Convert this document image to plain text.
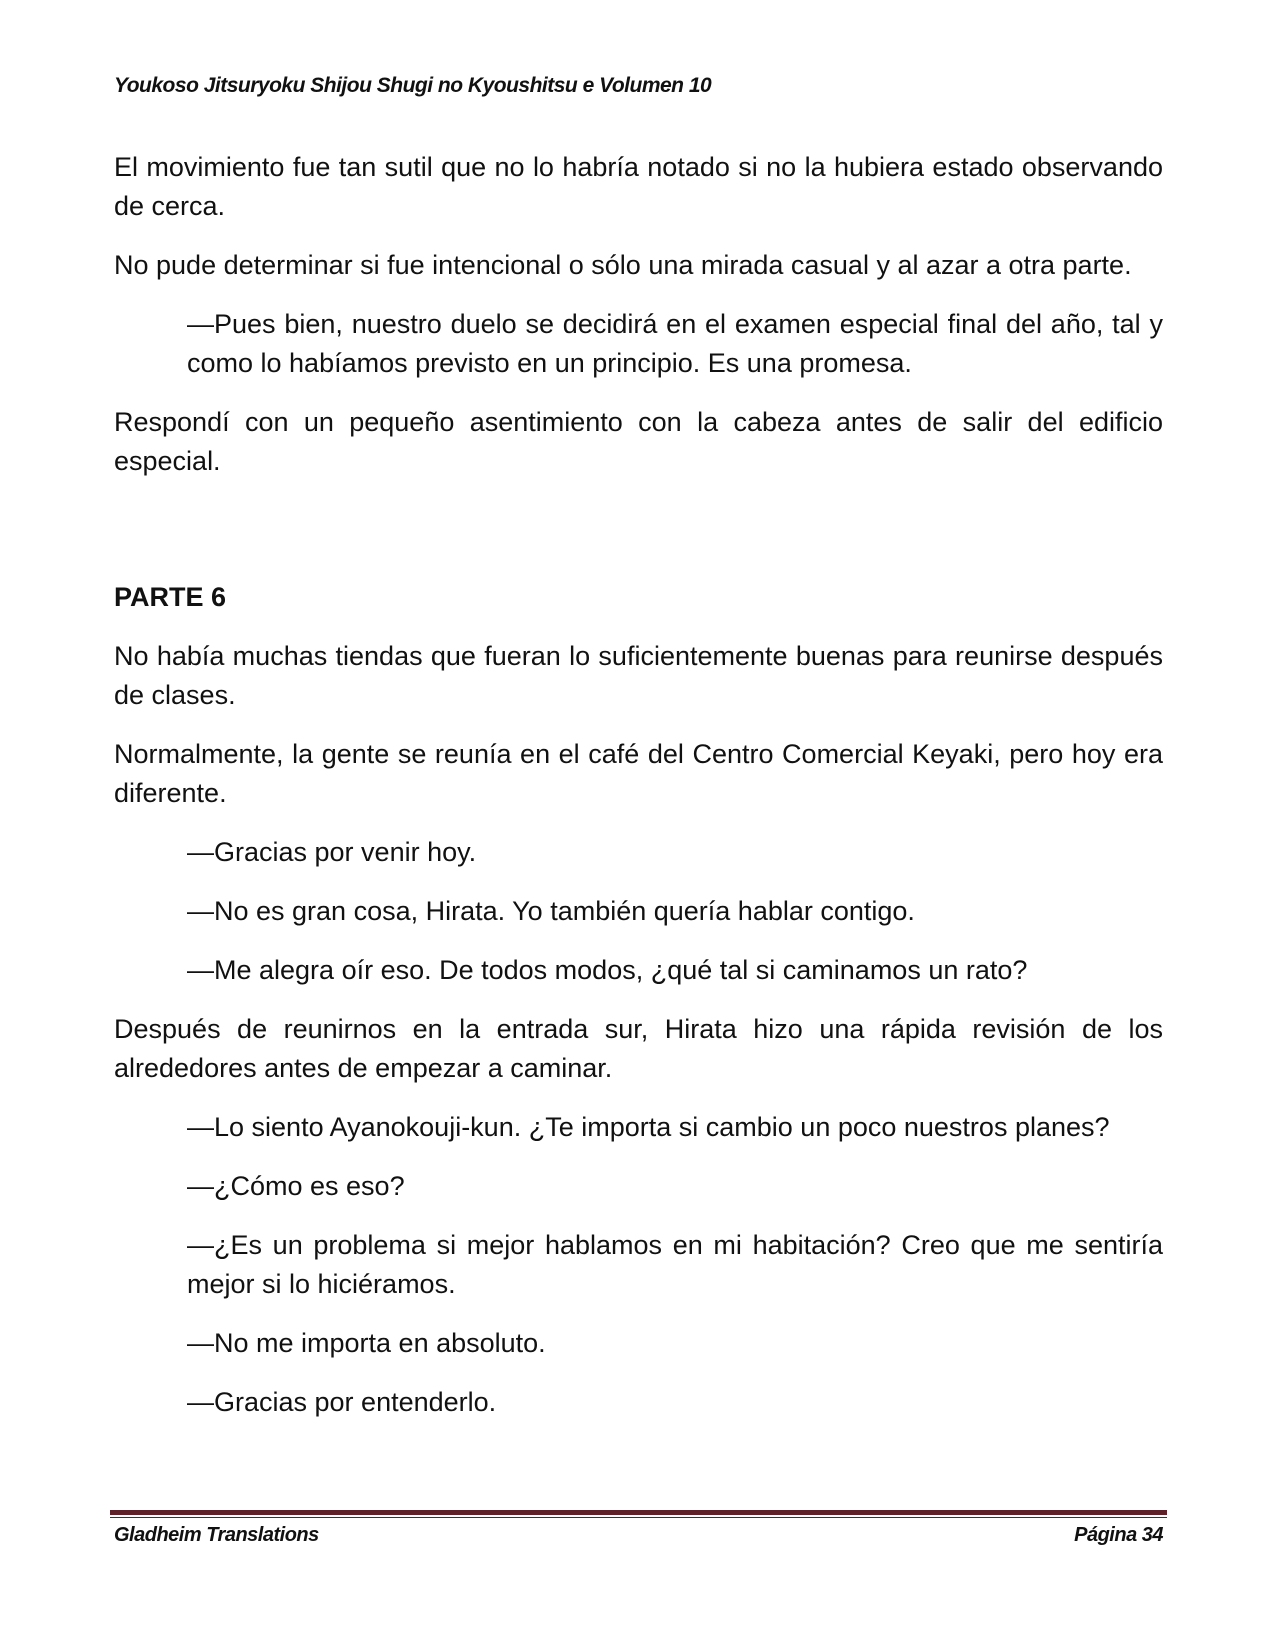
Youkoso Jitsuryoku Shijou Shugi no Kyoushitsu e Volumen 10

El movimiento fue tan sutil que no lo habría notado si no la hubiera estado observando de cerca.

No pude determinar si fue intencional o sólo una mirada casual y al azar a otra parte.

—Pues bien, nuestro duelo se decidirá en el examen especial final del año, tal y como lo habíamos previsto en un principio. Es una promesa.

Respondí con un pequeño asentimiento con la cabeza antes de salir del edificio especial.

PARTE 6

No había muchas tiendas que fueran lo suficientemente buenas para reunirse después de clases.

Normalmente, la gente se reunía en el café del Centro Comercial Keyaki, pero hoy era diferente.

—Gracias por venir hoy.

—No es gran cosa, Hirata. Yo también quería hablar contigo.

—Me alegra oír eso. De todos modos, ¿qué tal si caminamos un rato?

Después de reunirnos en la entrada sur, Hirata hizo una rápida revisión de los alrededores antes de empezar a caminar.

—Lo siento Ayanokouji-kun. ¿Te importa si cambio un poco nuestros planes?

—¿Cómo es eso?

—¿Es un problema si mejor hablamos en mi habitación? Creo que me sentiría mejor si lo hiciéramos.

—No me importa en absoluto.

—Gracias por entenderlo.

Gladheim Translations	Página 34
